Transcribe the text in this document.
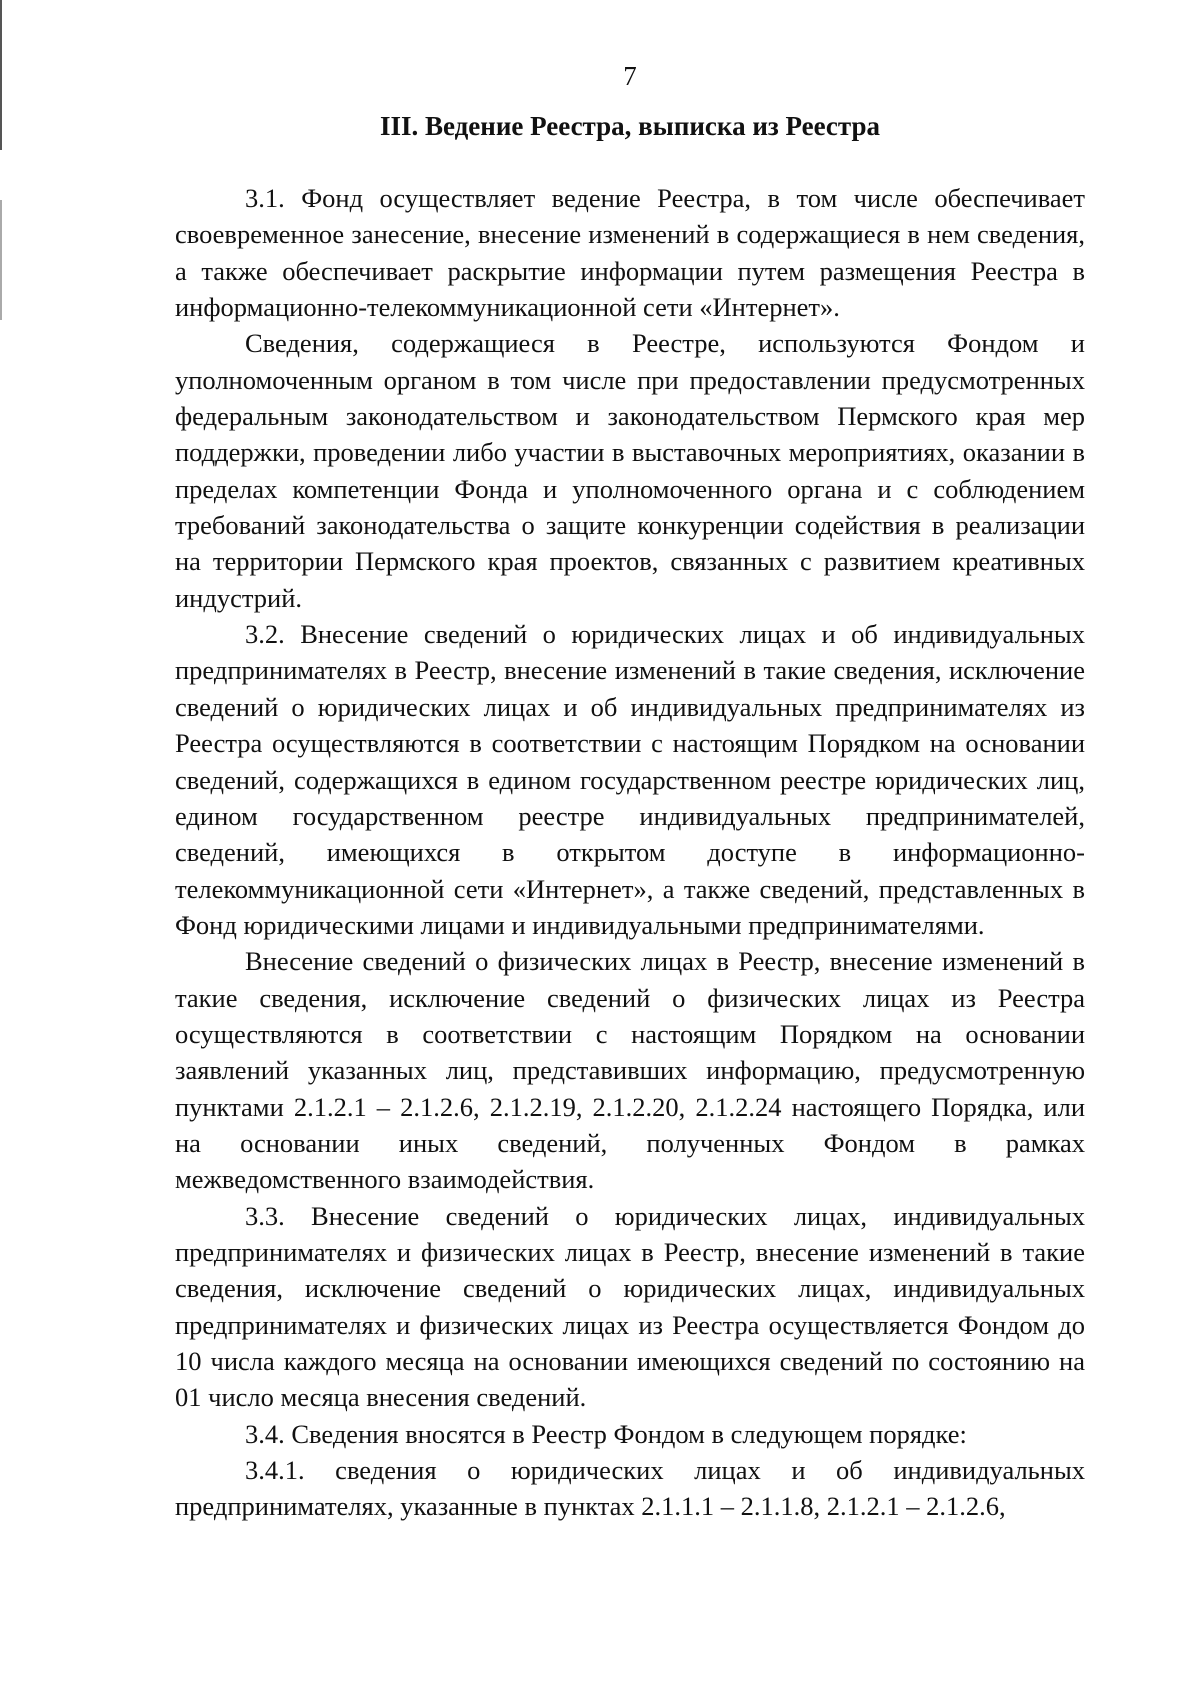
7
III. Ведение Реестра, выписка из Реестра

3.1. Фонд осуществляет ведение Реестра, в том числе обеспечивает своевременное занесение, внесение изменений в содержащиеся в нем сведения, а также обеспечивает раскрытие информации путем размещения Реестра в информационно-телекоммуникационной сети «Интернет».

Сведения, содержащиеся в Реестре, используются Фондом и уполномоченным органом в том числе при предоставлении предусмотренных федеральным законодательством и законодательством Пермского края мер поддержки, проведении либо участии в выставочных мероприятиях, оказании в пределах компетенции Фонда и уполномоченного органа и с соблюдением требований законодательства о защите конкуренции содействия в реализации на территории Пермского края проектов, связанных с развитием креативных индустрий.

3.2. Внесение сведений о юридических лицах и об индивидуальных предпринимателях в Реестр, внесение изменений в такие сведения, исключение сведений о юридических лицах и об индивидуальных предпринимателях из Реестра осуществляются в соответствии с настоящим Порядком на основании сведений, содержащихся в едином государственном реестре юридических лиц, едином государственном реестре индивидуальных предпринимателей, сведений, имеющихся в открытом доступе в информационно-телекоммуникационной сети «Интернет», а также сведений, представленных в Фонд юридическими лицами и индивидуальными предпринимателями.

Внесение сведений о физических лицах в Реестр, внесение изменений в такие сведения, исключение сведений о физических лицах из Реестра осуществляются в соответствии с настоящим Порядком на основании заявлений указанных лиц, представивших информацию, предусмотренную пунктами 2.1.2.1 – 2.1.2.6, 2.1.2.19, 2.1.2.20, 2.1.2.24 настоящего Порядка, или на основании иных сведений, полученных Фондом в рамках межведомственного взаимодействия.

3.3. Внесение сведений о юридических лицах, индивидуальных предпринимателях и физических лицах в Реестр, внесение изменений в такие сведения, исключение сведений о юридических лицах, индивидуальных предпринимателях и физических лицах из Реестра осуществляется Фондом до 10 числа каждого месяца на основании имеющихся сведений по состоянию на 01 число месяца внесения сведений.

3.4. Сведения вносятся в Реестр Фондом в следующем порядке:

3.4.1. сведения о юридических лицах и об индивидуальных предпринимателях, указанные в пунктах 2.1.1.1 – 2.1.1.8, 2.1.2.1 – 2.1.2.6,
